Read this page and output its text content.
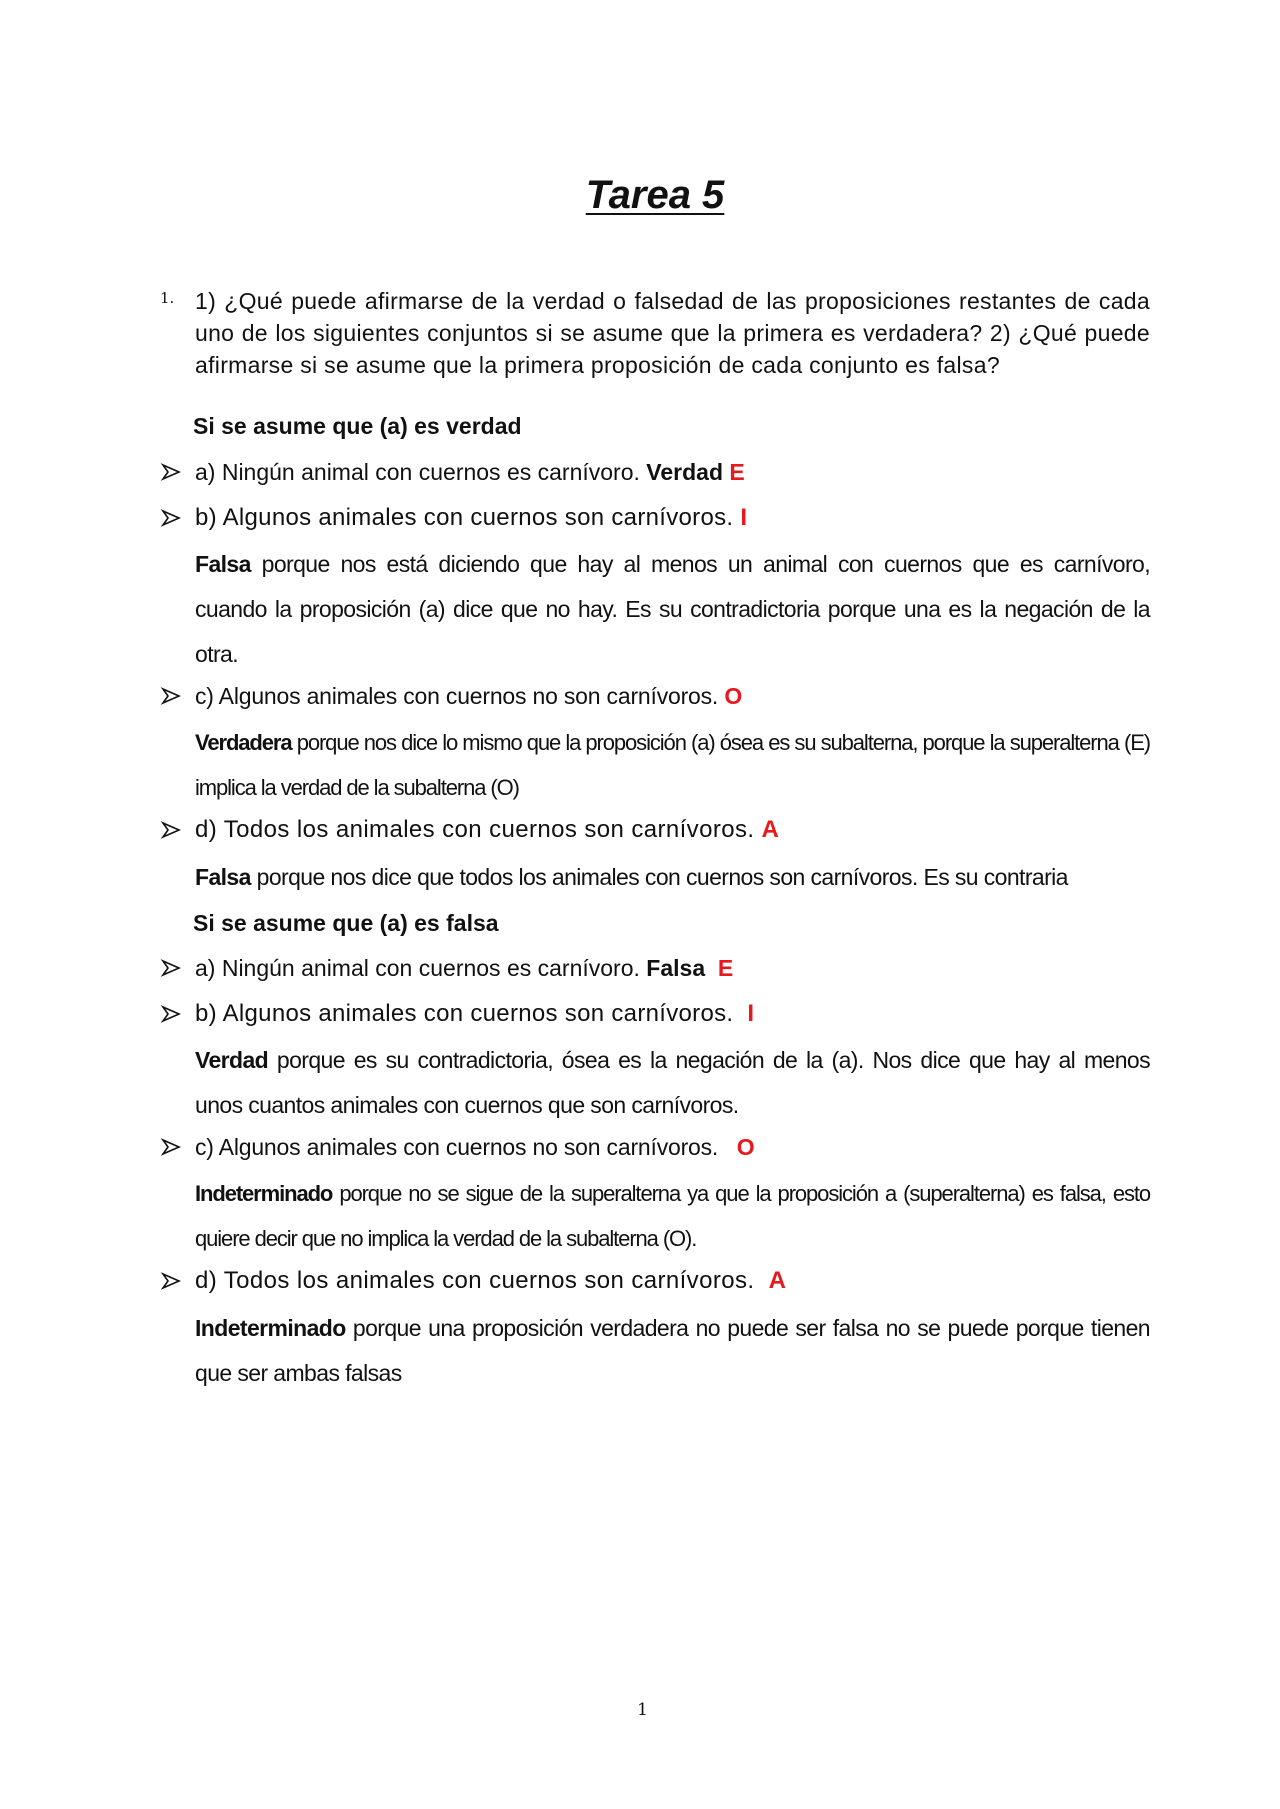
Tarea 5
1. 1) ¿Qué puede afirmarse de la verdad o falsedad de las proposiciones restantes de cada uno de los siguientes conjuntos si se asume que la primera es verdadera? 2) ¿Qué puede afirmarse si se asume que la primera proposición de cada conjunto es falsa?
Si se asume que (a) es verdad
a) Ningún animal con cuernos es carnívoro. Verdad E
b) Algunos animales con cuernos son carnívoros. I
Falsa porque nos está diciendo que hay al menos un animal con cuernos que es carnívoro, cuando la proposición (a) dice que no hay. Es su contradictoria porque una es la negación de la otra.
c) Algunos animales con cuernos no son carnívoros. O
Verdadera porque nos dice lo mismo que la proposición (a) ósea es su subalterna, porque la superalterna (E) implica la verdad de la subalterna (O)
d) Todos los animales con cuernos son carnívoros. A
Falsa porque nos dice que todos los animales con cuernos son carnívoros. Es su contraria
Si se asume que (a) es falsa
a) Ningún animal con cuernos es carnívoro. Falsa E
b) Algunos animales con cuernos son carnívoros. I
Verdad porque es su contradictoria, ósea es la negación de la (a). Nos dice que hay al menos unos cuantos animales con cuernos que son carnívoros.
c) Algunos animales con cuernos no son carnívoros. O
Indeterminado porque no se sigue de la superalterna ya que la proposición a (superalterna) es falsa, esto quiere decir que no implica la verdad de la subalterna (O).
d) Todos los animales con cuernos son carnívoros. A
Indeterminado porque una proposición verdadera no puede ser falsa no se puede porque tienen que ser ambas falsas
1
